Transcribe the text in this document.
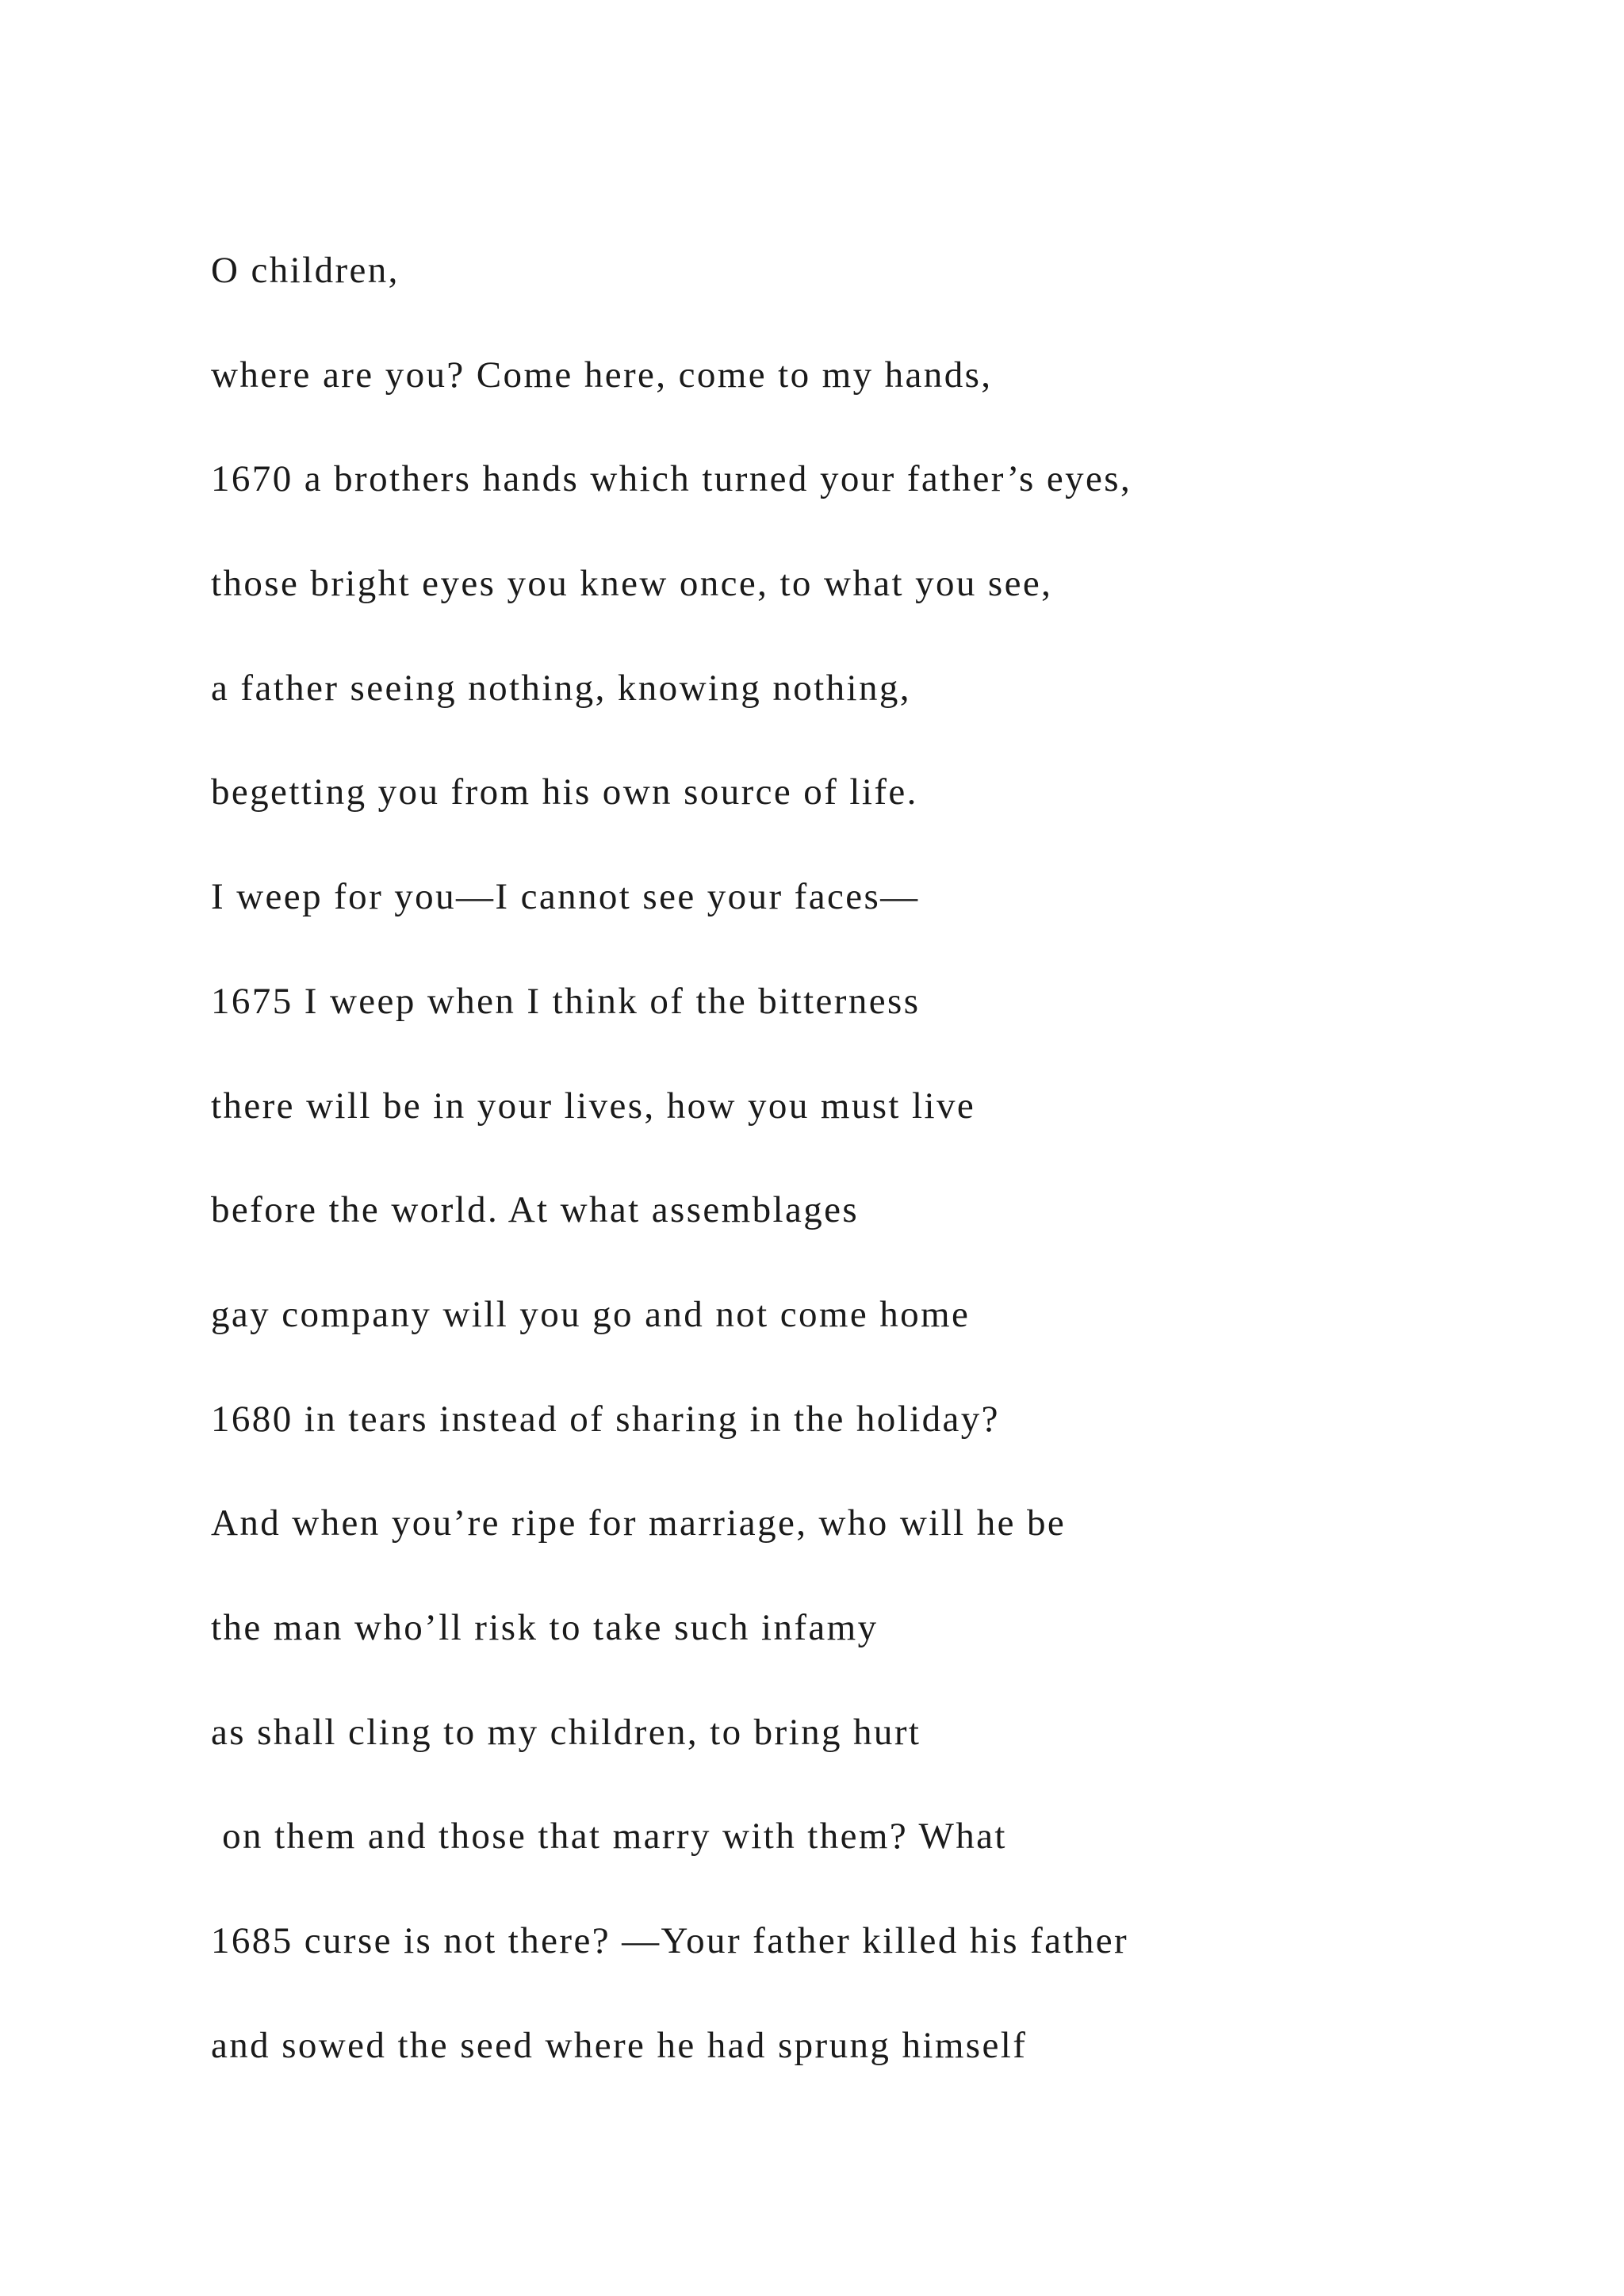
O children,
where are you? Come here, come to my hands,
1670 a brothers hands which turned your father’s eyes,
those bright eyes you knew once, to what you see,
a father seeing nothing, knowing nothing,
begetting you from his own source of life.
I weep for you—I cannot see your faces—
1675 I weep when I think of the bitterness
there will be in your lives, how you must live
before the world. At what assemblages
gay company will you go and not come home
1680 in tears instead of sharing in the holiday?
And when you’re ripe for marriage, who will he be
the man who’ll risk to take such infamy
as shall cling to my children, to bring hurt
on them and those that marry with them? What
1685 curse is not there? —Your father killed his father
and sowed the seed where he had sprung himself
